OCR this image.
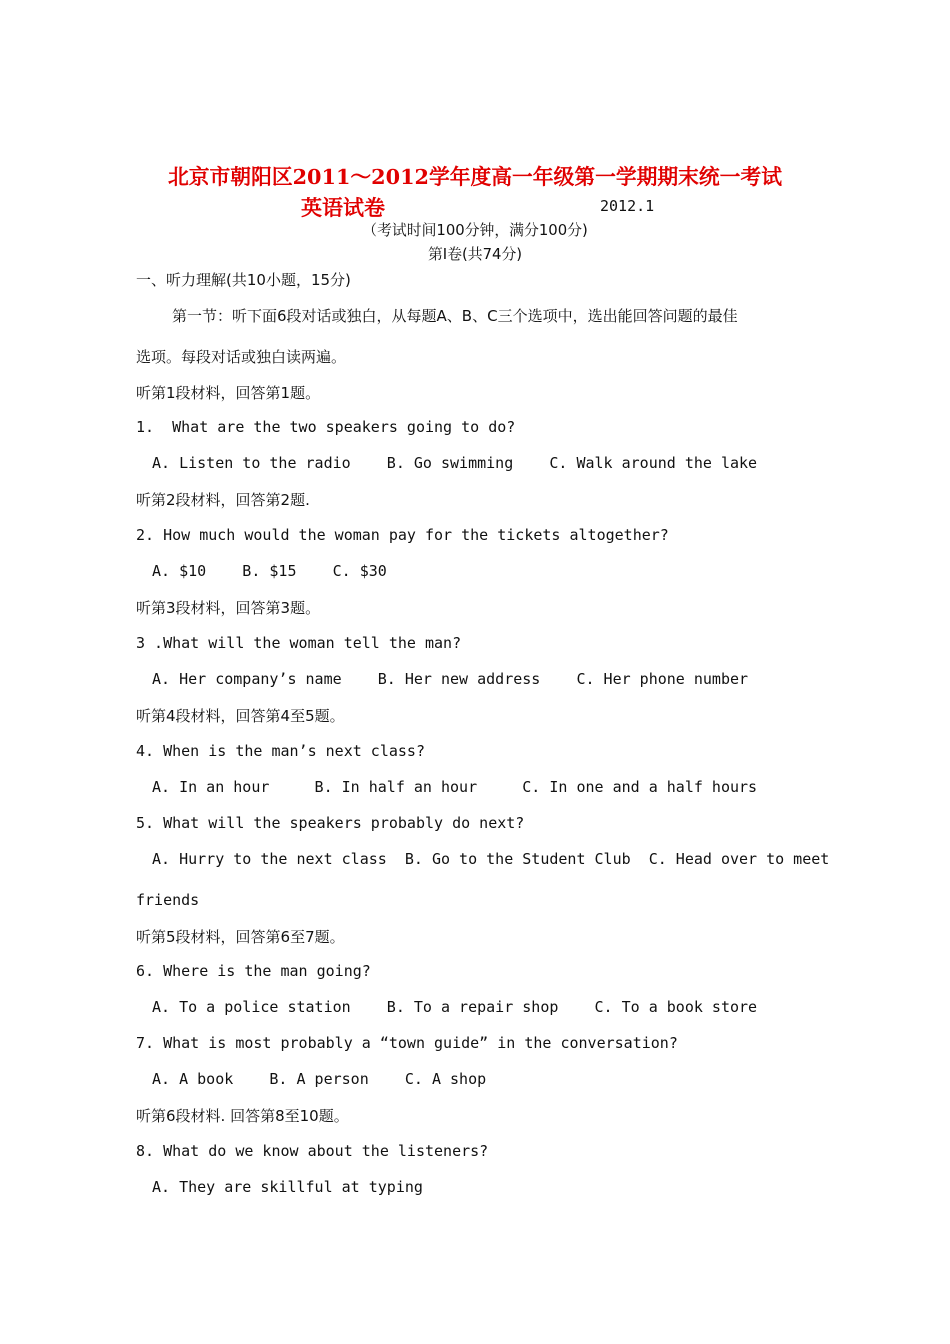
北京市朝阳区2011～2012学年度高一年级第一学期期末统一考试
英语试卷	2012.1
（考试时间100分钟，满分100分)
第Ⅰ卷(共74分)
一、听力理解(共10小题，15分)
第一节：听下面6段对话或独白，从每题A、B、C三个选项中，选出能回答问题的最佳
选项。每段对话或独白读两遍。
听第1段材料，回答第1题。
1.  What are the two speakers going to do?
A. Listen to the radio    B. Go swimming    C. Walk around the lake
听第2段材料，回答第2题.
2. How much would the woman pay for the tickets altogether?
A. $10    B. $15    C. $30
听第3段材料，回答第3题。
3 .What will the woman tell the man?
A. Her company’s name    B. Her new address    C. Her phone number
听第4段材料，回答第4至5题。
4. When is the man’s next class?
A. In an hour     B. In half an hour     C. In one and a half hours
5. What will the speakers probably do next?
A. Hurry to the next class  B. Go to the Student Club  C. Head over to meet
friends
听第5段材料，回答第6至7题。
6. Where is the man going?
A. To a police station    B. To a repair shop    C. To a book store
7. What is most probably a “town guide” in the conversation?
A. A book    B. A person    C. A shop
听第6段材料. 回答第8至10题。
8. What do we know about the listeners?
A. They are skillful at typing
